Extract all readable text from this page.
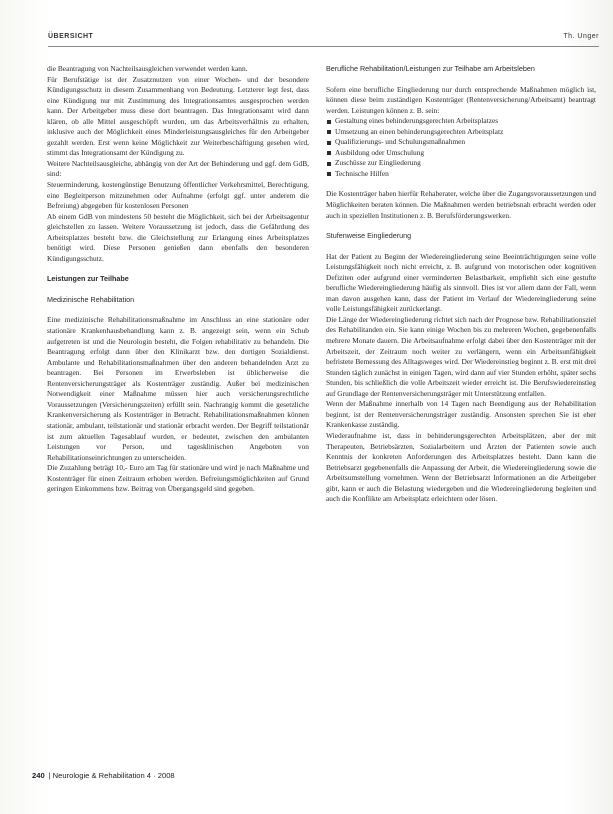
ÜBERSICHT	Th. Unger

die Beantragung von Nachteilsausgleichen verwendet werden kann.

Für Berufstätige ist der Zusatznutzen von einer Wochen- und der besondere Kündigungsschutz in diesem Zusammenhang von Bedeutung. Letzterer legt fest, dass eine Kündigung nur mit Zustimmung des Integrationsamtes ausgesprochen werden kann. Der Arbeitgeber muss diese dort beantragen. Das Integrationsamt wird dann klären, ob alle Mittel ausgeschöpft wurden, um das Arbeitsverhältnis zu erhalten, inklusive auch der Möglichkeit eines Minderleistungsausgleiches für den Arbeitgeber gezahlt werden. Erst wenn keine Möglichkeit zur Weiterbeschäftigung gesehen wird, stimmt das Integrationsamt der Kündigung zu.

Weitere Nachteilsausgleiche, abhängig von der Art der Behinderung und ggf. dem GdB, sind:

Steuerminderung, kostengünstige Benutzung öffentlicher Verkehrsmittel, Berechtigung, eine Begleitperson mitzunehmen oder Aufnahme (erfolgt ggf. unter anderem die Befreiung) abgegeben für kostenlosen Personen

Ab einem GdB von mindestens 50 besteht die Möglichkeit, sich bei der Arbeitsagentur gleichstellen zu lassen. Weitere Voraussetzung ist jedoch, dass die Gefährdung des Arbeitsplatzes besteht bzw. die Gleichstellung zur Erlangung eines Arbeitsplatzes benötigt wird. Diese Personen genießen dann ebenfalls den besonderen Kündigungsschutz.

Leistungen zur Teilhabe

Medizinische Rehabilitation

Eine medizinische Rehabilitationsmaßnahme im Anschluss an eine stationäre oder stationäre Krankenhausbehandlung kann z. B. angezeigt sein, wenn ein Schub aufgetreten ist und die Neurologin besteht, die Folgen rehabilitativ zu behandeln. Die Beantragung erfolgt dann über den Klinikarzt bzw. den dortigen Sozialdienst. Ambulante und Rehabilitationsmaßnahmen über den anderen behandelnden Arzt zu beantragen. Bei Personen im Erwerbsleben ist üblicherweise die Rentenversicherungsträger als Kostenträger zuständig. Außer bei medizinischen Notwendigkeit einer Maßnahme müssen hier auch versicherungsrechtliche Voraussetzungen (Versicherungszeiten) erfüllt sein. Nachrangig kommt die gesetzliche Krankenversicherung als Kostenträger in Betracht. Rehabilitationsmaßnahmen können stationär, ambulant, teilstationär und stationär erbracht werden. Der Begriff teilstationär ist zum aktuellen Tagesablauf wurden, er bedeutet, zwischen den ambulanten Leistungen vor Person, und tagesklinischen Angeboten von Rehabilitationseinrichtungen zu unterscheiden.

Die Zuzahlung beträgt 10,- Euro am Tag für stationäre und wird je nach Maßnahme und Kostenträger für einen Zeitraum erhoben werden. Befreiungsmöglichkeiten auf Grund geringen Einkommens bzw. Beitrag von Übergangsgeld sind gegeben.

Berufliche Rehabilitation/Leistungen zur Teilhabe am Arbeitsleben

Sofern eine berufliche Eingliederung nur durch entsprechende Maßnahmen möglich ist, können diese beim zuständigen Kostenträger (Rentenversicherung/Arbeitsamt) beantragt werden. Leistungen können z. B. sein:

Gestaltung eines behinderungsgerechten Arbeitsplatzes
Umsetzung an einen behinderungsgerechten Arbeitsplatz
Qualifizierungs- und Schulungsmaßnahmen
Ausbildung oder Umschulung
Zuschüsse zur Eingliederung
Technische Hilfen

Die Kostenträger haben hierfür Rehaberater, welche über die Zugangsvoraussetzungen und Möglichkeiten beraten können. Die Maßnahmen werden betriebsnah erbracht werden oder auch in speziellen Institutionen z. B. Berufsförderungswerken.

Stufenweise Eingliederung

Hat der Patient zu Beginn der Wiedereingliederung seine Beeinträchtigungen seine volle Leistungsfähigkeit noch nicht erreicht, z. B. aufgrund von motorischen oder kognitiven Defiziten oder aufgrund einer verminderten Belastbarkeit, empfiehlt sich eine gestufte berufliche Wiedereingliederung häufig als sinnvoll. Dies ist vor allem dann der Fall, wenn man davon ausgehen kann, dass der Patient im Verlauf der Wiedereingliederung seine volle Leistungsfähigkeit zurückerlangt.

Die Länge der Wiedereingliederung richtet sich nach der Prognose bzw. Rehabilitationsziel des Rehabilitanden ein. Sie kann einige Wochen bis zu mehreren Wochen, gegebenenfalls mehrere Monate dauern. Die Arbeitsaufnahme erfolgt dabei über den Kostenträger mit der Arbeitszeit, der Zeitraum noch weiter zu verlängern, wenn ein Arbeitsunfähigkeit befristete Bemessung des Alltagsweges wird. Der Wiedereinstieg beginnt z. B. erst mit drei Stunden täglich zunächst in einigen Tagen, wird dann auf vier Stunden erhöht, später sechs Stunden, bis schließlich die volle Arbeitszeit wieder erreicht ist. Die Berufswiedereinstieg auf Grundlage der Rentenversicherungsträger mit Unterstützung entfallen.

Wenn der Maßnahme innerhalb von 14 Tagen nach Beendigung aus der Rehabilitation beginnt, ist der Rentenversicherungsträger zuständig. Ansonsten sprechen Sie ist eher Krankenkasse zuständig.

Wiederaufnahme ist, dass in behinderungsgerechten Arbeitsplätzen, aber der mit Therapeuten, Betriebsärzten, Sozialarbeitern und Ärzten der Patienten sowie auch Kenntnis der konkreten Anforderungen des Arbeitsplatzes besteht. Dann kann die Betriebsarzt gegebenenfalls die Anpassung der Arbeit, die Wiedereingliederung sowie die Arbeitsumstellung vornehmen. Wenn der Betriebsarzt Informationen an die Arbeitgeber gibt, kann er auch die Belastung wiedergeben und die Wiedereingliederung begleiten und auch die Konflikte am Arbeitsplatz erleichtern oder lösen.

240 | Neurologie & Rehabilitation 4 · 2008
